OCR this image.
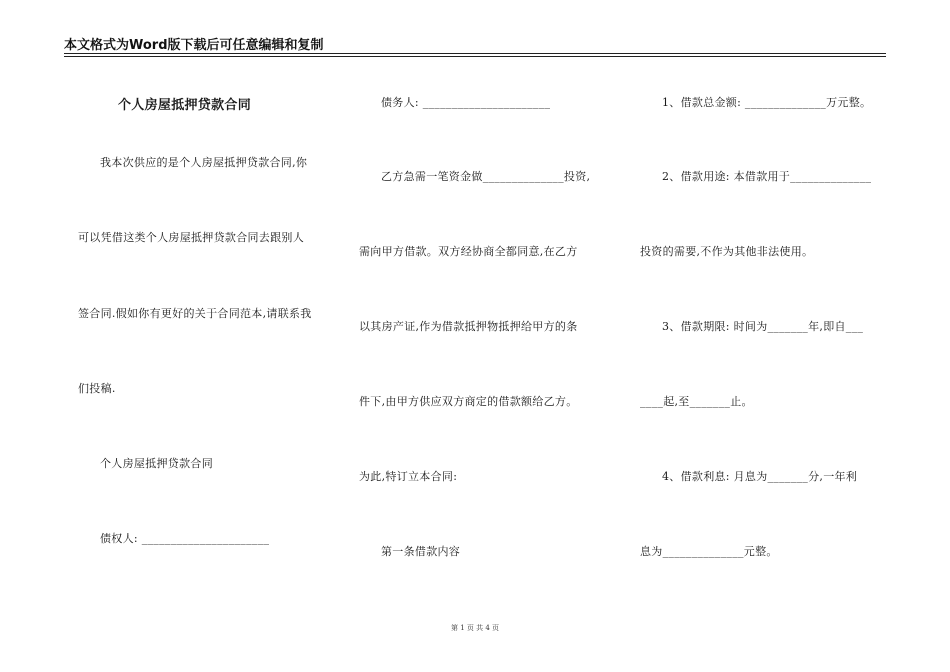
本文格式为Word版下载后可任意编辑和复制
个人房屋抵押贷款合同
我本次供应的是个人房屋抵押贷款合同,你
可以凭借这类个人房屋抵押贷款合同去跟别人
签合同.假如你有更好的关于合同范本,请联系我
们投稿.
个人房屋抵押贷款合同
债权人: ______________________
债务人: ______________________
乙方急需一笔资金做______________投资,
需向甲方借款。双方经协商全都同意,在乙方
以其房产证,作为借款抵押物抵押给甲方的条
件下,由甲方供应双方商定的借款额给乙方。
为此,特订立本合同:
第一条借款内容
1、借款总金额: ______________万元整。
2、借款用途: 本借款用于______________
投资的需要,不作为其他非法使用。
3、借款期限: 时间为_______年,即自___
____起,至_______止。
4、借款利息: 月息为_______分,一年利
息为______________元整。
第 1 页 共 4 页
